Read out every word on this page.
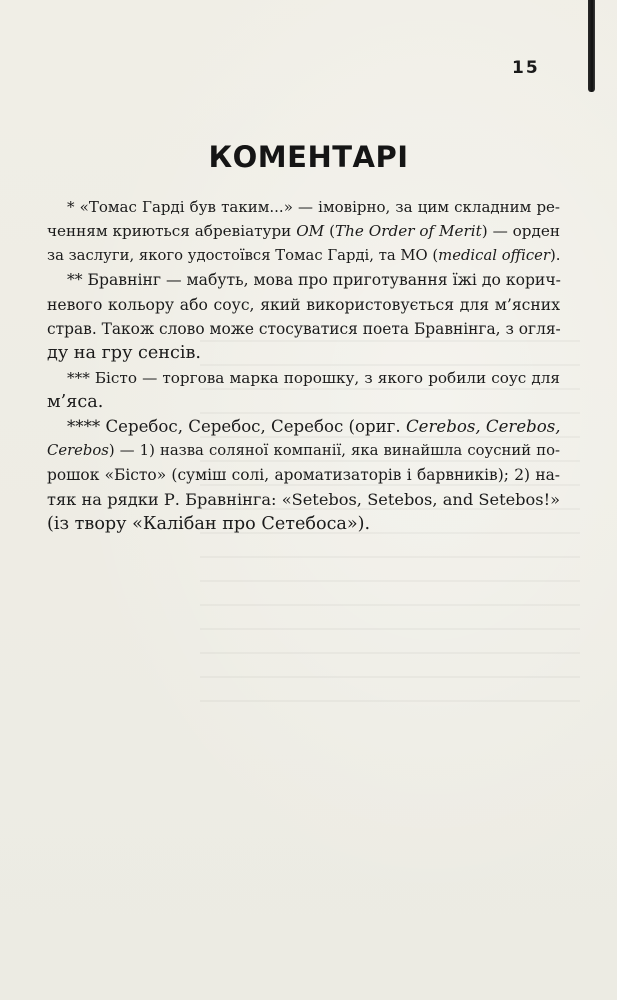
15
КОМЕНТАРІ
* «Томас Гарді був таким...» — імовірно, за цим складним ре-
ченням криються абревіатури OM (The Order of Merit) — орден
за заслуги, якого удостоївся Томас Гарді, та МО (medical officer).
** Бравнінг — мабуть, мова про приготування їжі до корич-
невого кольору або соус, який використовується для м’ясних
страв. Також слово може стосуватися поета Бравнінга, з огля-
ду на гру сенсів.
*** Бісто — торгова марка порошку, з якого робили соус для
м’яса.
**** Серебос, Серебос, Серебос (ориг. Cerebos, Cerebos,
Cerebos) — 1) назва соляної компанії, яка винайшла соусний по-
рошок «Бісто» (суміш солі, ароматизаторів і барвників); 2) на-
тяк на рядки Р. Бравнінга: «Setebos, Setebos, and Setebos!»
(із твору «Калібан про Сетебоса»).
